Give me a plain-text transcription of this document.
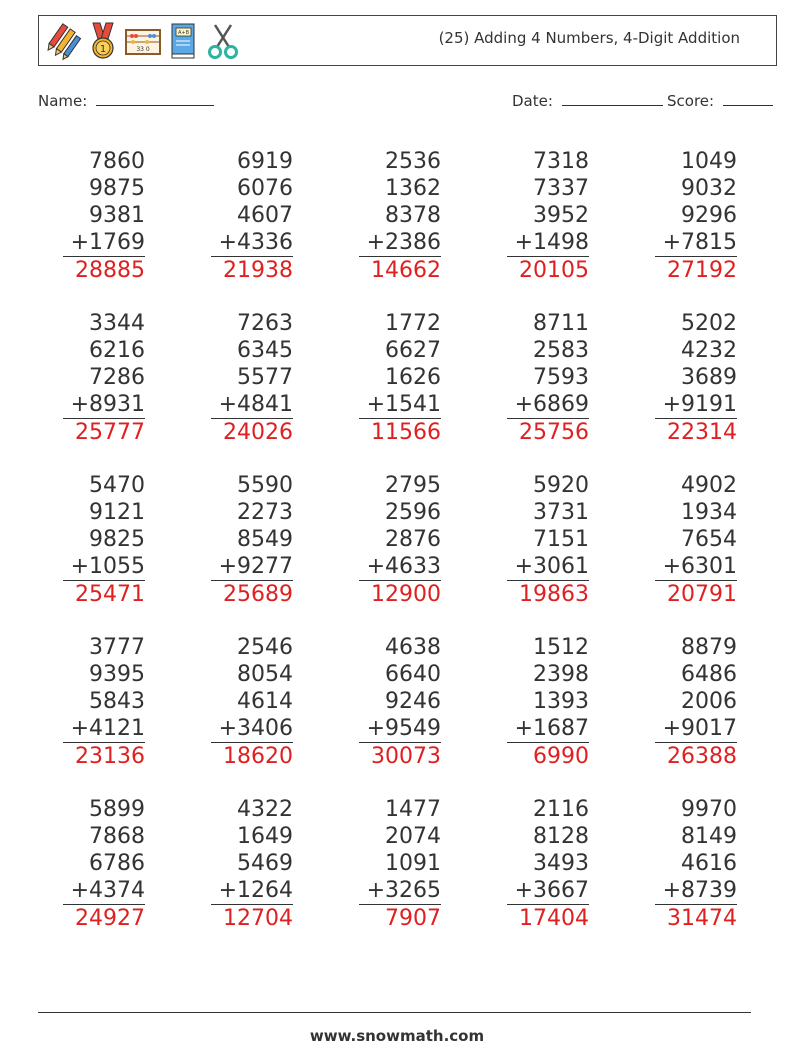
1	33 0
A+B	(25) Adding 4 Numbers, 4-Digit Addition
Name:	Date:	Score:
7860
9875
9381
+1769
28885
6919
6076
4607
+4336
21938
2536
1362
8378
+2386
14662
7318
7337
3952
+1498
20105
1049
9032
9296
+7815
27192
3344
6216
7286
+8931
25777
7263
6345
5577
+4841
24026
1772
6627
1626
+1541
11566
8711
2583
7593
+6869
25756
5202
4232
3689
+9191
22314
5470
9121
9825
+1055
25471
5590
2273
8549
+9277
25689
2795
2596
2876
+4633
12900
5920
3731
7151
+3061
19863
4902
1934
7654
+6301
20791
3777
9395
5843
+4121
23136
2546
8054
4614
+3406
18620
4638
6640
9246
+9549
30073
1512
2398
1393
+1687
6990
8879
6486
2006
+9017
26388
5899
7868
6786
+4374
24927
4322
1649
5469
+1264
12704
1477
2074
1091
+3265
7907
2116
8128
3493
+3667
17404
9970
8149
4616
+8739
31474
www.snowmath.com
